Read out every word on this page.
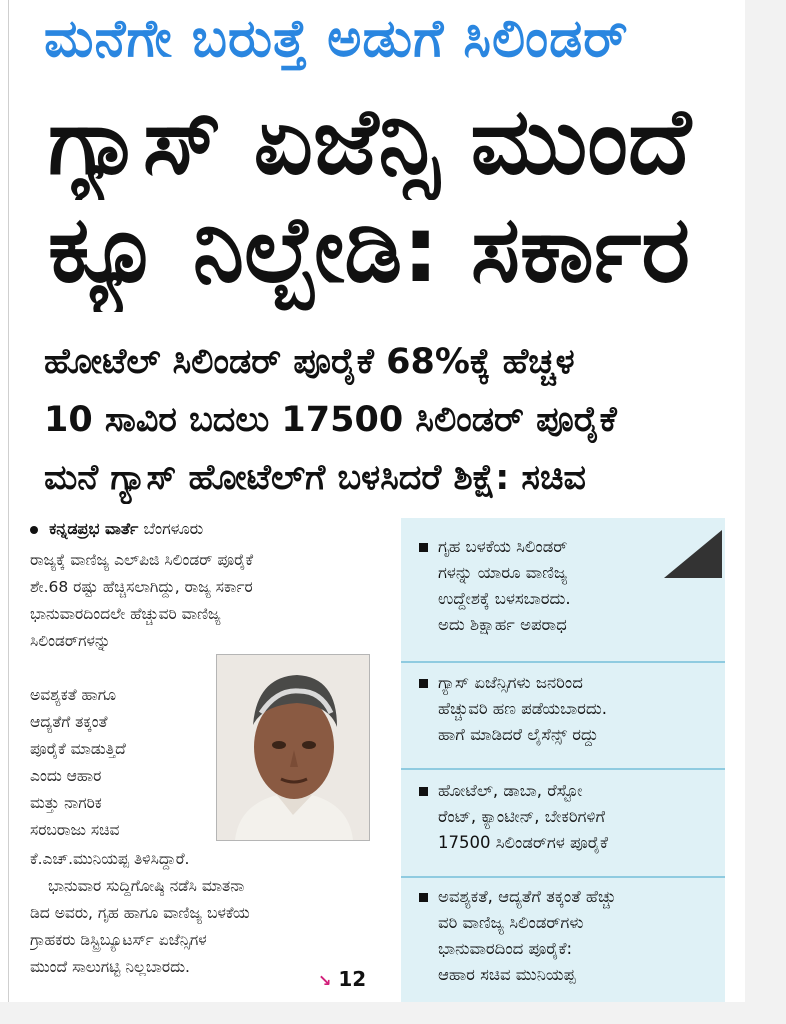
ಮನೆಗೇ ಬರುತ್ತೆ ಅಡುಗೆ ಸಿಲಿಂಡರ್
ಗ್ಯಾಸ್ ಏಜೆನ್ಸಿ ಮುಂದೆ
ಕ್ಯೂ ನಿಲ್ಬೇಡಿ: ಸರ್ಕಾರ
ಹೋಟೆಲ್ ಸಿಲಿಂಡರ್ ಪೂರೈಕೆ 68%ಕ್ಕೆ ಹೆಚ್ಚಳ
10 ಸಾವಿರ ಬದಲು 17500 ಸಿಲಿಂಡರ್ ಪೂರೈಕೆ
ಮನೆ ಗ್ಯಾಸ್ ಹೋಟೆಲ್‌ಗೆ ಬಳಸಿದರೆ ಶಿಕ್ಷೆ: ಸಚಿವ
ಕನ್ನಡಪ್ರಭ ವಾರ್ತೆ ಬೆಂಗಳೂರು
ರಾಜ್ಯಕ್ಕೆ ವಾಣಿಜ್ಯ ಎಲ್‌ಪಿಜಿ ಸಿಲಿಂಡರ್ ಪೂರೈಕೆ
ಶೇ.68 ರಷ್ಟು ಹೆಚ್ಚಿಸಲಾಗಿದ್ದು, ರಾಜ್ಯ ಸರ್ಕಾರ
ಭಾನುವಾರದಿಂದಲೇ ಹೆಚ್ಚುವರಿ ವಾಣಿಜ್ಯ
ಸಿಲಿಂಡರ್‌ಗಳನ್ನು
ಅವಶ್ಯಕತೆ ಹಾಗೂ
ಆದ್ಯತೆಗೆ ತಕ್ಕಂತೆ
ಪೂರೈಕೆ ಮಾಡುತ್ತಿದೆ
ಎಂದು ಆಹಾರ
ಮತ್ತು ನಾಗರಿಕ
ಸರಬರಾಜು ಸಚಿವ
ಕೆ.ಎಚ್.ಮುನಿಯಪ್ಪ ತಿಳಿಸಿದ್ದಾರೆ.
ಭಾನುವಾರ ಸುದ್ದಿಗೋಷ್ಠಿ ನಡೆಸಿ ಮಾತನಾ
ಡಿದ ಅವರು, ಗೃಹ ಹಾಗೂ ವಾಣಿಜ್ಯ ಬಳಕೆಯ
ಗ್ರಾಹಕರು ಡಿಸ್ಟ್ರಿಬ್ಯೂಟರ್ಸ್ ಏಜೆನ್ಸಿಗಳ
ಮುಂದೆ ಸಾಲುಗಟ್ಟಿ ನಿಲ್ಲಬಾರದು.
↘ 12
ಗೃಹ ಬಳಕೆಯ ಸಿಲಿಂಡರ್
ಗಳನ್ನು ಯಾರೂ ವಾಣಿಜ್ಯ
ಉದ್ದೇಶಕ್ಕೆ ಬಳಸಬಾರದು.
ಅದು ಶಿಕ್ಷಾರ್ಹ ಅಪರಾಧ
ಗ್ಯಾಸ್ ಏಜೆನ್ಸಿಗಳು ಜನರಿಂದ
ಹೆಚ್ಚುವರಿ ಹಣ ಪಡೆಯಬಾರದು.
ಹಾಗೆ ಮಾಡಿದರೆ ಲೈಸೆನ್ಸ್ ರದ್ದು
ಹೋಟೆಲ್, ಡಾಬಾ, ರೆಸ್ಟೋ
ರೆಂಟ್, ಕ್ಯಾಂಟೀನ್, ಬೇಕರಿಗಳಿಗೆ
17500 ಸಿಲಿಂಡರ್‌ಗಳ ಪೂರೈಕೆ
ಅವಶ್ಯಕತೆ, ಆದ್ಯತೆಗೆ ತಕ್ಕಂತೆ ಹೆಚ್ಚು
ವರಿ ವಾಣಿಜ್ಯ ಸಿಲಿಂಡರ್‌ಗಳು
ಭಾನುವಾರದಿಂದ ಪೂರೈಕೆ:
ಆಹಾರ ಸಚಿವ ಮುನಿಯಪ್ಪ
